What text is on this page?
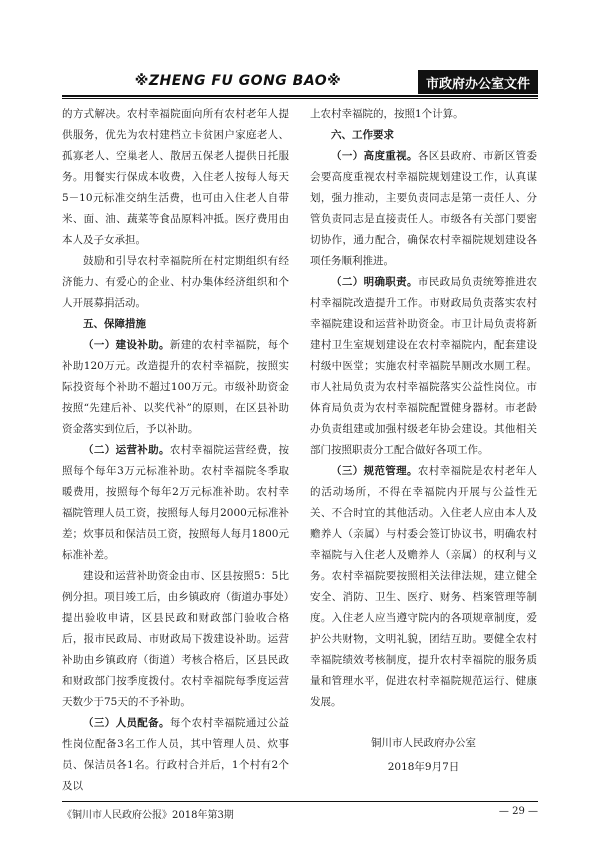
※ZHENG FU GONG BAO※	市政府办公室文件

的方式解决。农村幸福院面向所有农村老年人提供服务，优先为农村建档立卡贫困户家庭老人、孤寡老人、空巢老人、散居五保老人提供日托服务。用餐实行保成本收费，入住老人按每人每天5－10元标准交纳生活费，也可由入住老人自带米、面、油、蔬菜等食品原料冲抵。医疗费用由本人及子女承担。

鼓励和引导农村幸福院所在村定期组织有经济能力、有爱心的企业、村办集体经济组织和个人开展募捐活动。

五、保障措施

（一）建设补助。新建的农村幸福院，每个补助120万元。改造提升的农村幸福院，按照实际投资每个补助不超过100万元。市级补助资金按照“先建后补、以奖代补”的原则，在区县补助资金落实到位后，予以补助。

（二）运营补助。农村幸福院运营经费，按照每个每年3万元标准补助。农村幸福院冬季取暖费用，按照每个每年2万元标准补助。农村幸福院管理人员工资，按照每人每月2000元标准补差；炊事员和保洁员工资，按照每人每月1800元标准补差。

建设和运营补助资金由市、区县按照5：5比例分担。项目竣工后，由乡镇政府（街道办事处）提出验收申请，区县民政和财政部门验收合格后，报市民政局、市财政局下拨建设补助。运营补助由乡镇政府（街道）考核合格后，区县民政和财政部门按季度拨付。农村幸福院每季度运营天数少于75天的不予补助。

（三）人员配备。每个农村幸福院通过公益性岗位配备3名工作人员，其中管理人员、炊事员、保洁员各1名。行政村合并后，1个村有2个及以

上农村幸福院的，按照1个计算。

六、工作要求

（一）高度重视。各区县政府、市新区管委会要高度重视农村幸福院规划建设工作，认真谋划，强力推动，主要负责同志是第一责任人、分管负责同志是直接责任人。市级各有关部门要密切协作，通力配合，确保农村幸福院规划建设各项任务顺利推进。

（二）明确职责。市民政局负责统筹推进农村幸福院改造提升工作。市财政局负责落实农村幸福院建设和运营补助资金。市卫计局负责将新建村卫生室规划建设在农村幸福院内，配套建设村级中医堂；实施农村幸福院旱厕改水厕工程。市人社局负责为农村幸福院落实公益性岗位。市体育局负责为农村幸福院配置健身器材。市老龄办负责组建或加强村级老年协会建设。其他相关部门按照职责分工配合做好各项工作。

（三）规范管理。农村幸福院是农村老年人的活动场所，不得在幸福院内开展与公益性无关、不合时宜的其他活动。入住老人应由本人及赡养人（亲属）与村委会签订协议书，明确农村幸福院与入住老人及赡养人（亲属）的权利与义务。农村幸福院要按照相关法律法规，建立健全安全、消防、卫生、医疗、财务、档案管理等制度。入住老人应当遵守院内的各项规章制度，爱护公共财物，文明礼貌，团结互助。要健全农村幸福院绩效考核制度，提升农村幸福院的服务质量和管理水平，促进农村幸福院规范运行、健康发展。

铜川市人民政府办公室
2018年9月7日
《铜川市人民政府公报》2018年第3期	— 29 —
